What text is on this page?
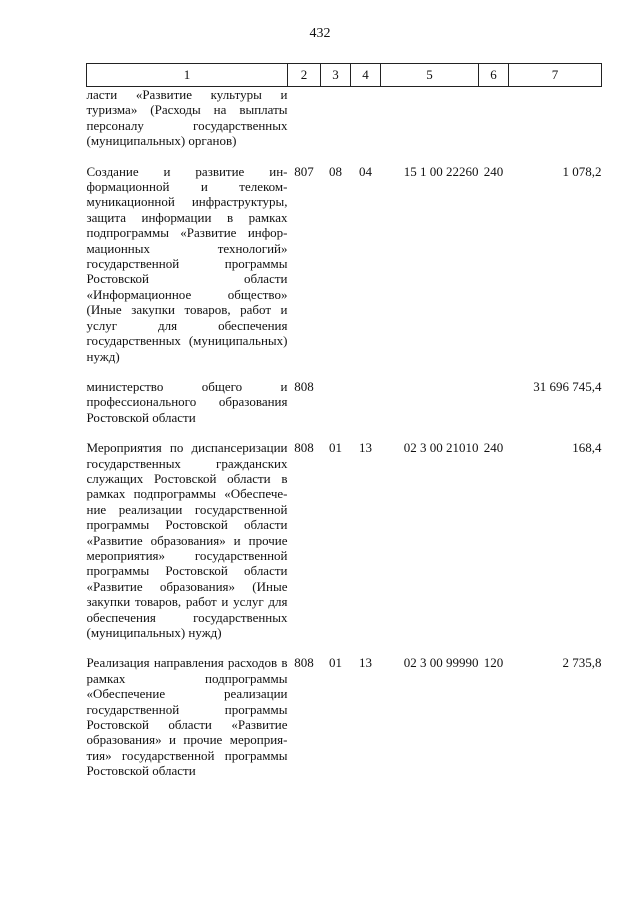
432
1	2	3	4	5	6	7
ласти «Развитие культуры и туризма» (Расходы на выплаты персоналу государственных (муниципальных) органов)						
Создание и развитие информационной и телекоммуникационной инфраструктуры, защита информации в рамках подпрограммы «Развитие информационных технологий» государственной программы Ростовской области «Информационное общество» (Иные закупки товаров, работ и услуг для обеспечения государственных (муниципальных) нужд)	807	08	04	15 1 00 22260	240	1 078,2
министерство общего и профессионального образования Ростовской области	808					31 696 745,4
Мероприятия по диспансеризации государственных гражданских служащих Ростовской области в рамках подпрограммы «Обеспечение реализации государственной программы Ростовской области «Развитие образования» и прочие мероприятия» государственной программы Ростовской области «Развитие образования» (Иные закупки товаров, работ и услуг для обеспечения государственных (муниципальных) нужд)	808	01	13	02 3 00 21010	240	168,4
Реализация направления расходов в рамках подпрограммы «Обеспечение реализации государственной программы Ростовской области «Развитие образования» и прочие мероприятия» государственной программы Ростовской области	808	01	13	02 3 00 99990	120	2 735,8
